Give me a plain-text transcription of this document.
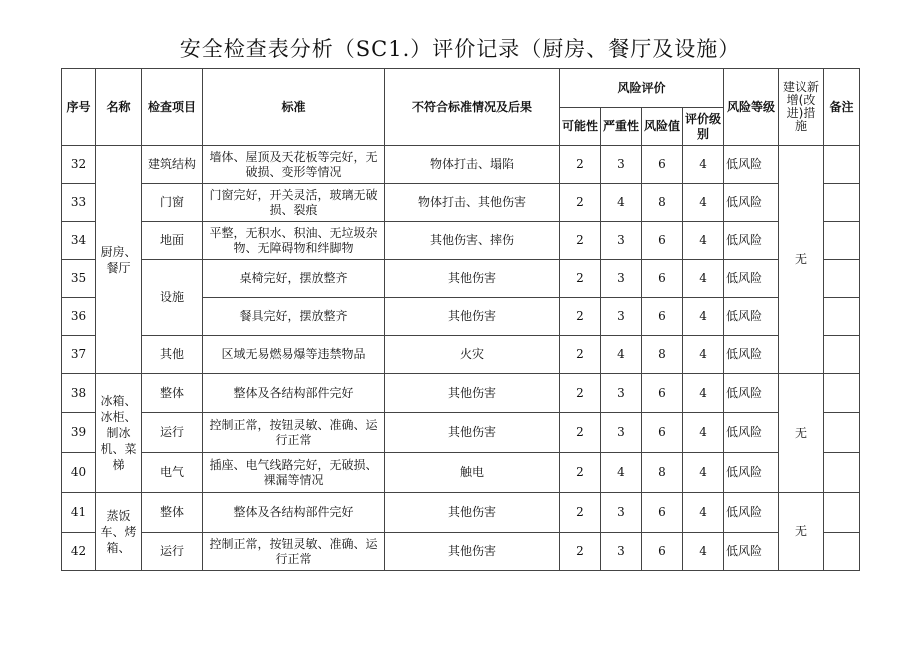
安全检查表分析（SC1.）评价记录（厨房、餐厅及设施）
序号	名称	检查项目	标准	不符合标准情况及后果	风险评价				风险等级	建议新增(改进)措施	备注
					可能性	严重性	风险值	评价级别			
32	厨房、餐厅	建筑结构	墙体、屋顶及天花板等完好，无破损、变形等情况	物体打击、塌陷	2	3	6	4	低风险	无	
33		门窗	门窗完好，开关灵活，玻璃无破损、裂痕	物体打击、其他伤害	2	4	8	4	低风险		
34		地面	平整，无积水、积油、无垃圾杂物、无障碍物和绊脚物	其他伤害、摔伤	2	3	6	4	低风险		
35		设施	桌椅完好，摆放整齐	其他伤害	2	3	6	4	低风险		
36			餐具完好，摆放整齐	其他伤害	2	3	6	4	低风险		
37		其他	区域无易燃易爆等违禁物品	火灾	2	4	8	4	低风险		
38	冰箱、冰柜、制冰机、菜梯	整体	整体及各结构部件完好	其他伤害	2	3	6	4	低风险	无	
39		运行	控制正常，按钮灵敏、准确、运行正常	其他伤害	2	3	6	4	低风险		
40		电气	插座、电气线路完好，无破损、裸漏等情况	触电	2	4	8	4	低风险		
41	蒸饭车、烤箱、	整体	整体及各结构部件完好	其他伤害	2	3	6	4	低风险	无	
42		运行	控制正常，按钮灵敏、准确、运行正常	其他伤害	2	3	6	4	低风险		
